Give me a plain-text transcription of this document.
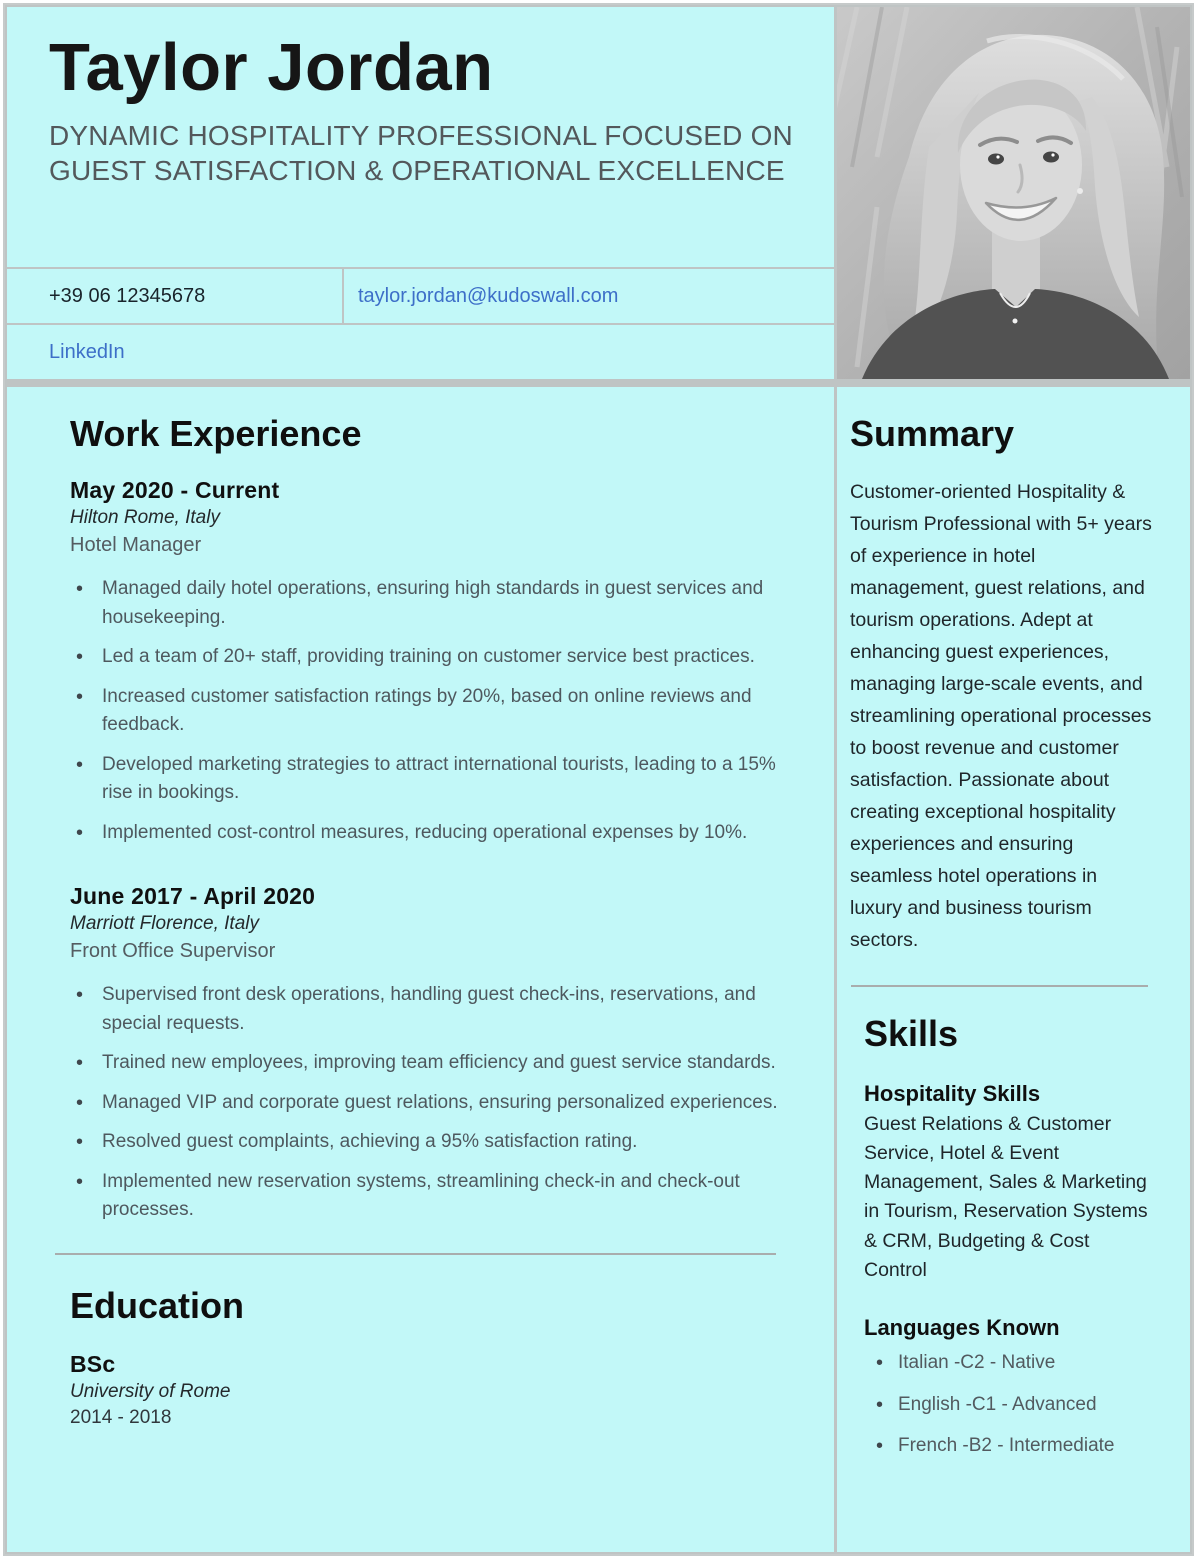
Taylor Jordan
DYNAMIC HOSPITALITY PROFESSIONAL FOCUSED ON GUEST SATISFACTION & OPERATIONAL EXCELLENCE
+39 06 12345678	taylor.jordan@kudoswall.com
LinkedIn
Work Experience
May 2020 - Current
Hilton Rome, Italy
Hotel Manager
• Managed daily hotel operations, ensuring high standards in guest services and housekeeping.
• Led a team of 20+ staff, providing training on customer service best practices.
• Increased customer satisfaction ratings by 20%, based on online reviews and feedback.
• Developed marketing strategies to attract international tourists, leading to a 15% rise in bookings.
• Implemented cost-control measures, reducing operational expenses by 10%.
June 2017 - April 2020
Marriott Florence, Italy
Front Office Supervisor
• Supervised front desk operations, handling guest check-ins, reservations, and special requests.
• Trained new employees, improving team efficiency and guest service standards.
• Managed VIP and corporate guest relations, ensuring personalized experiences.
• Resolved guest complaints, achieving a 95% satisfaction rating.
• Implemented new reservation systems, streamlining check-in and check-out processes.
Education
BSc
University of Rome
2014 - 2018
Summary

Customer-oriented Hospitality & Tourism Professional with 5+ years of experience in hotel management, guest relations, and tourism operations. Adept at enhancing guest experiences, managing large-scale events, and streamlining operational processes to boost revenue and customer satisfaction. Passionate about creating exceptional hospitality experiences and ensuring seamless hotel operations in luxury and business tourism sectors.

Skills
Hospitality Skills

Guest Relations & Customer Service, Hotel & Event Management, Sales & Marketing in Tourism, Reservation Systems & CRM, Budgeting & Cost Control

Languages Known
• Italian -C2 - Native
• English -C1 - Advanced
• French -B2 - Intermediate
